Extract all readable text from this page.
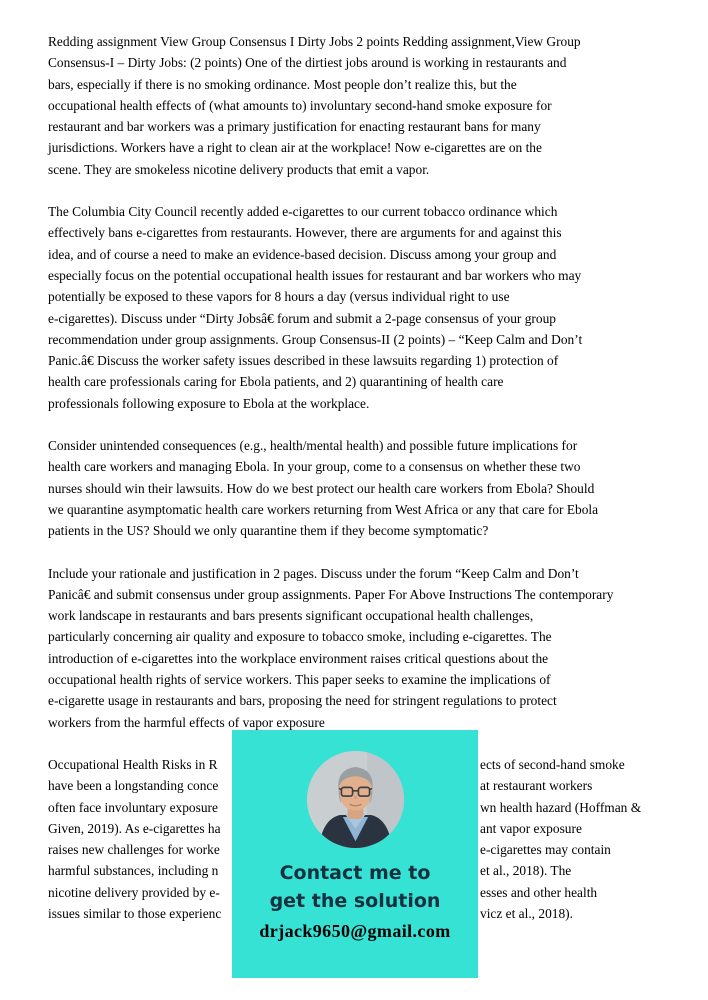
Redding assignment View Group Consensus I Dirty Jobs 2 points Redding assignment,View Group
Consensus-I – Dirty Jobs: (2 points) One of the dirtiest jobs around is working in restaurants and
bars, especially if there is no smoking ordinance. Most people don’t realize this, but the
occupational health effects of (what amounts to) involuntary second-hand smoke exposure for
restaurant and bar workers was a primary justification for enacting restaurant bans for many
jurisdictions. Workers have a right to clean air at the workplace! Now e-cigarettes are on the
scene. They are smokeless nicotine delivery products that emit a vapor.
The Columbia City Council recently added e-cigarettes to our current tobacco ordinance which
effectively bans e-cigarettes from restaurants. However, there are arguments for and against this
idea, and of course a need to make an evidence-based decision. Discuss among your group and
especially focus on the potential occupational health issues for restaurant and bar workers who may
potentially be exposed to these vapors for 8 hours a day (versus individual right to use
e-cigarettes). Discuss under “Dirty Jobsâ€ forum and submit a 2-page consensus of your group
recommendation under group assignments. Group Consensus-II (2 points) – “Keep Calm and Don’t
Panic.â€ Discuss the worker safety issues described in these lawsuits regarding 1) protection of
health care professionals caring for Ebola patients, and 2) quarantining of health care
professionals following exposure to Ebola at the workplace.
Consider unintended consequences (e.g., health/mental health) and possible future implications for
health care workers and managing Ebola. In your group, come to a consensus on whether these two
nurses should win their lawsuits. How do we best protect our health care workers from Ebola? Should
we quarantine asymptomatic health care workers returning from West Africa or any that care for Ebola
patients in the US? Should we only quarantine them if they become symptomatic?
Include your rationale and justification in 2 pages. Discuss under the forum “Keep Calm and Don’t
Panicâ€ and submit consensus under group assignments. Paper For Above Instructions The contemporary
work landscape in restaurants and bars presents significant occupational health challenges,
particularly concerning air quality and exposure to tobacco smoke, including e-cigarettes. The
introduction of e-cigarettes into the workplace environment raises critical questions about the
occupational health rights of service workers. This paper seeks to examine the implications of
e-cigarette usage in restaurants and bars, proposing the need for stringent regulations to protect
workers from the harmful effects of vapor exposure
Occupational Health Risks in R	ects of second-hand smoke
have been a longstanding conce	at restaurant workers
often face involuntary exposure	wn health hazard (Hoffman &
Given, 2019). As e-cigarettes ha	ant vapor exposure
raises new challenges for worke	e-cigarettes may contain
harmful substances, including n	et al., 2018). The
nicotine delivery provided by e-	esses and other health
issues similar to those experienc	vicz et al., 2018).
Contact me to
get the solution
drjack9650@gmail.com
